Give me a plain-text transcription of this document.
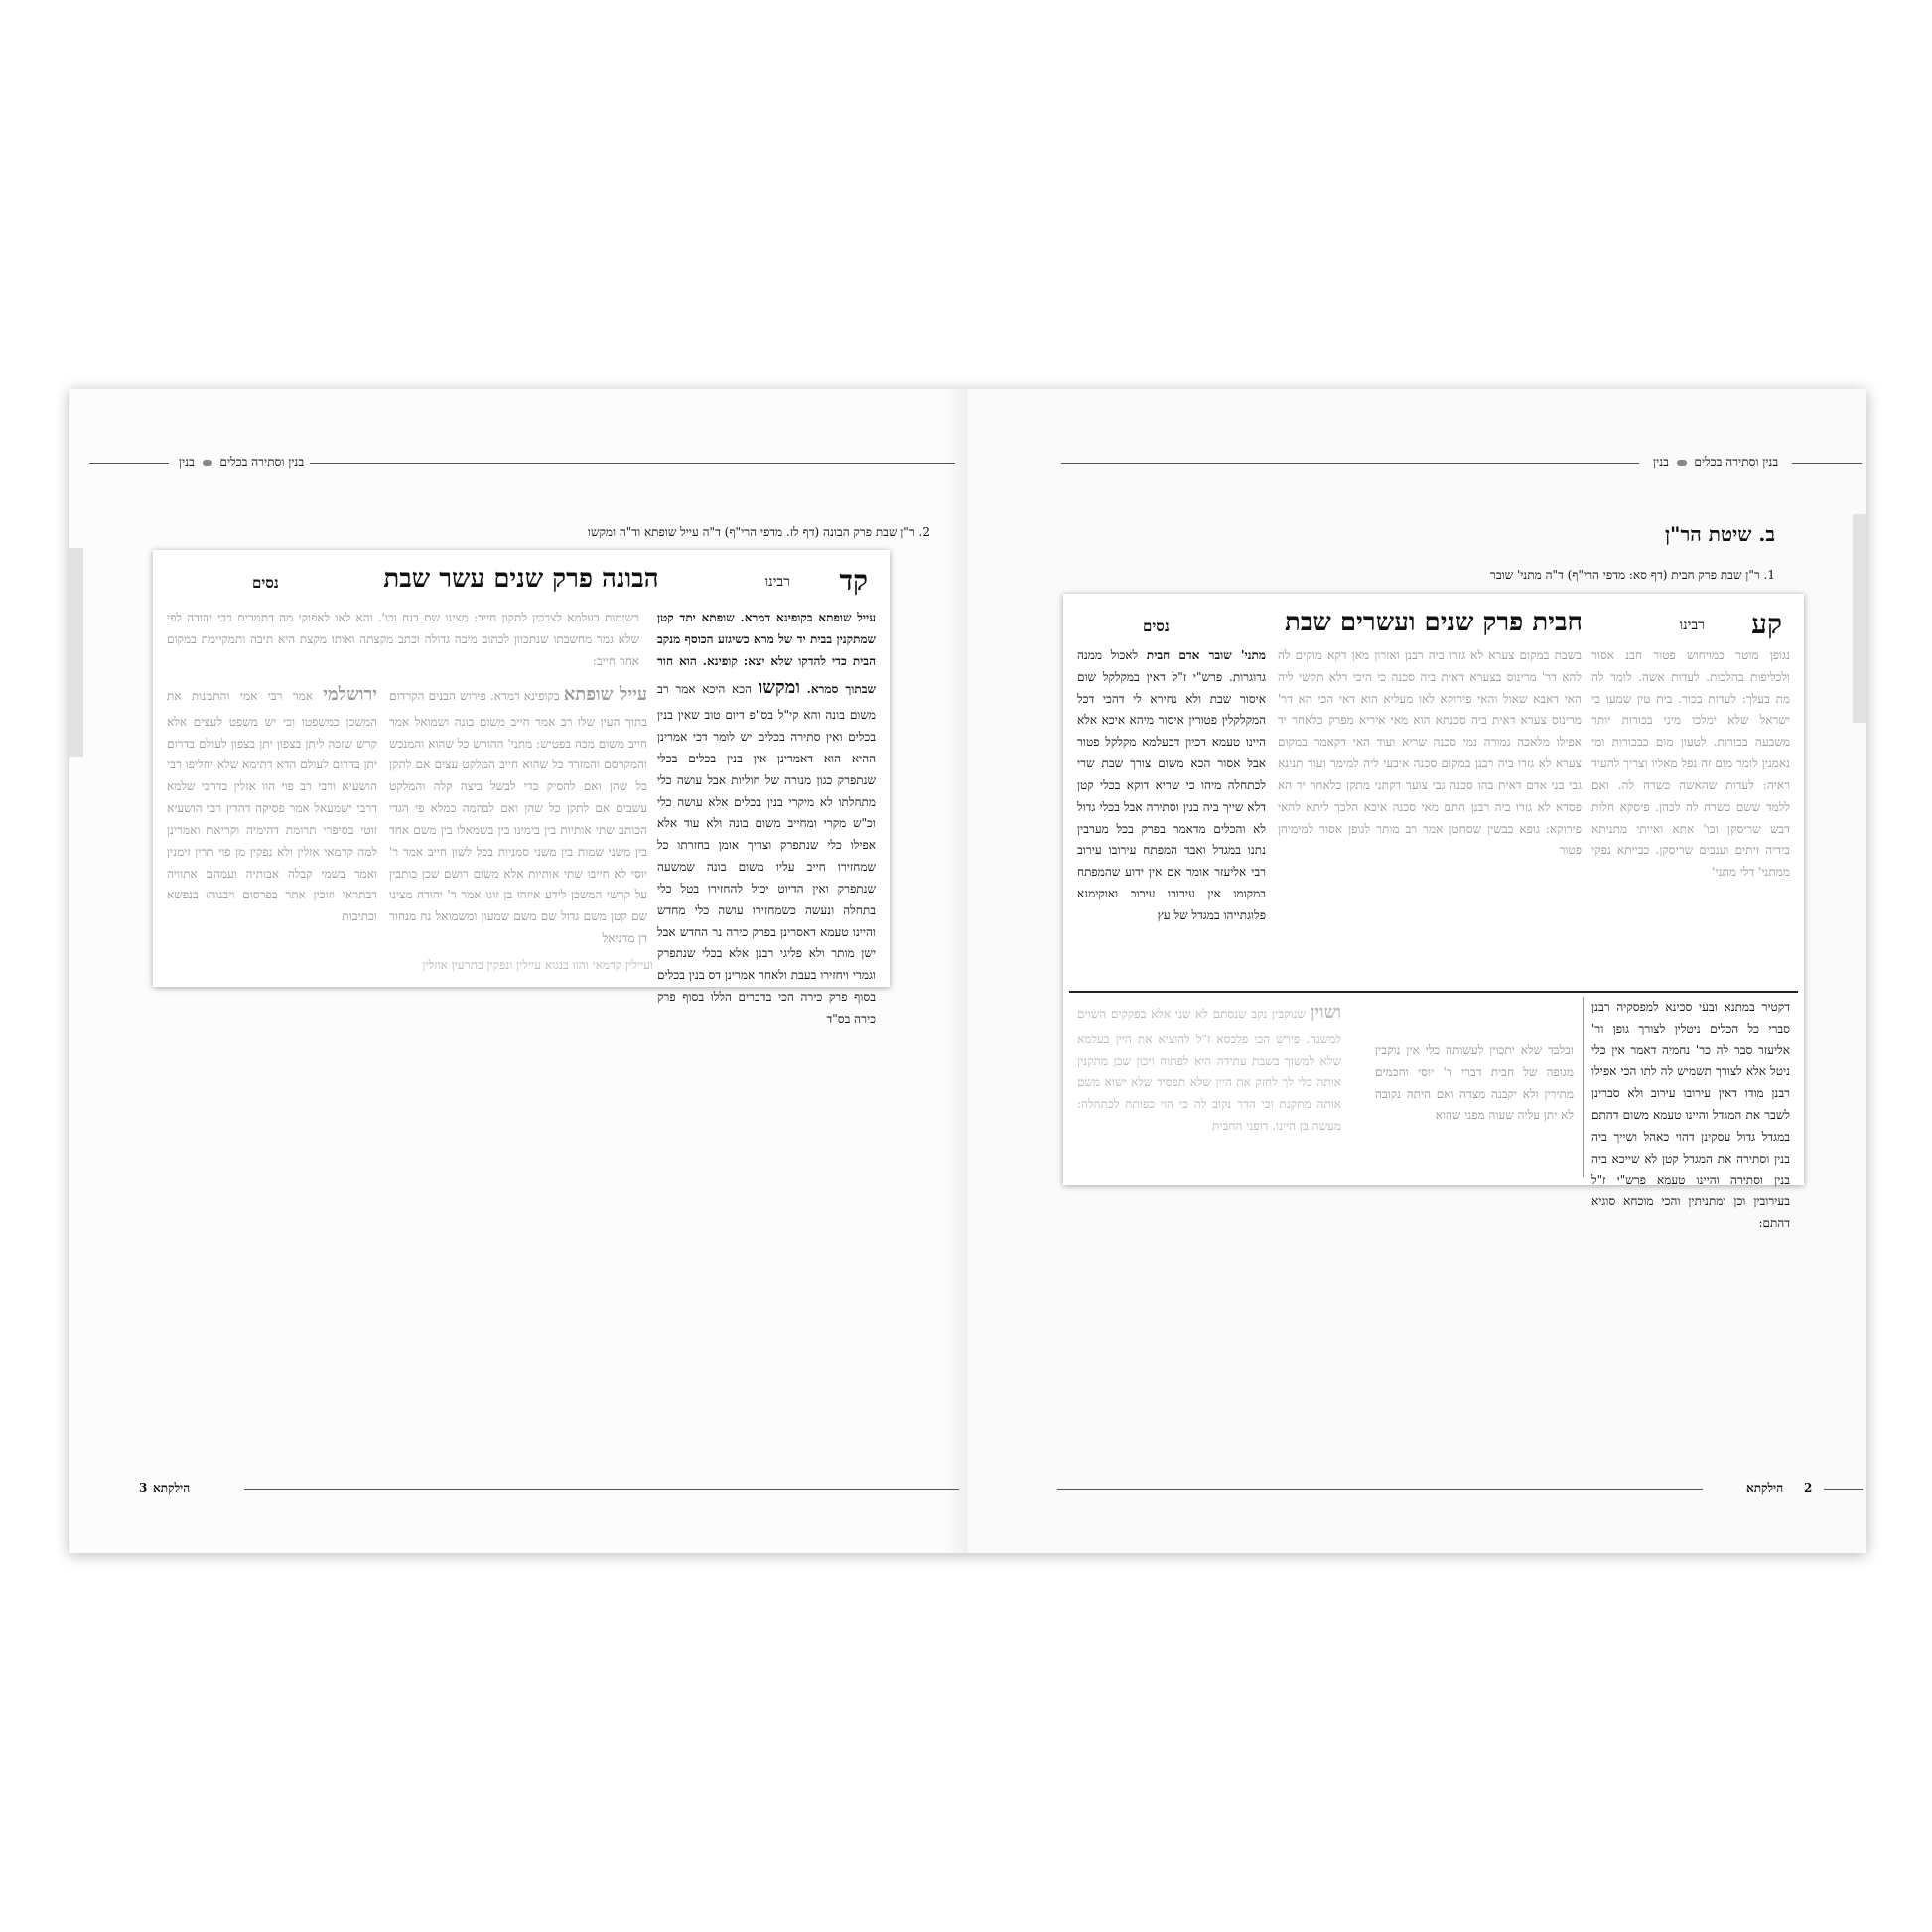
בנין וסתירה בכלים  בנין
2. ר"ן שבת פרק הבונה (דף לז. מדפי הרי"ף) ד"ה עייל שופתא וד"ה ומקשו
קד
רבינו
הבונה פרק שנים עשר שבת
נסים
עייל שופתא בקופינא דמרא. שופתא יתד קטן שמתקנין בבית יד של מרא כשיגזע הכוסף מנקב הבית כדי להדקו שלא יצא: קופינא. הוא חור שבתוך סמרא. ומקשו הכא היכא אמר רב משום בונה והא קי"ל בס"פ דיום טוב שאין בנין בכלים ואין סתירה בכלים יש לומר דכי אמרינן ההיא הוא דאמרינן אין בנין בכלים בכלי שנתפרק כגון מנורה של חוליות אבל עושה כלי מתחלתו לא מיקרי בנין בכלים אלא עושה כלי וכ"ש מקרי ומחייב משום בונה ולא עוד אלא אפילו כלי שנתפרק וצריך אומן בחזרתו כל שמחזירו חייב עליו משום בונה שמשעה שנתפרק ואין הדיוט יכול להחזירו בטל כלי בתחלה ונעשה כשמחזירו עושה כלי מחדש והיינו טעמא דאסרינן בפרק כירה נר החדש אבל ישן מותר ולא פליגי רבנן אלא בכלי שנתפרק וגמרי ויחזירו בעבת ולאחר אמרינן דס בנין בכלים בסוף פרק כירה הכי בדברים הללו בסוף פרק כירה בס"ד
עייל שופתא בקופינא דמרא. פירוש הבנים הקרדום בתוך העין שלו רב אמר חייב משום בונה ושמואל אמר חייב משום מכה בפטיש: מתני' ההורש כל שהוא והמנכש והמקרסם והמזרד כל שהוא חייב המלקט עצים אם לתקן כל שהן ואם להסיק כדי לבשל ביצה קלה והמלקט עשבים אם לתקן כל שהן ואם לבהמה כמלא פי הגדי הכותב שתי אותיות בין בימינו בין בשמאלו בין משם אחד בין משני שמות בין משני סמניות בכל לשון חייב אמר ר' יוסי לא חייבו שתי אותיות אלא משום רושם שכן כותבין על קרשי המשכן לידע איזהו בן זוגו אמר ר' יהודה מצינו שם קטן משם גדול שם משם שמעון ומשמואל נח מנחור דן מדניאל
רשימות בעלמא לצרכין לתקון חייב: מצינו שם בנח וכו'. והא לאו לאפוקי מה דתמרים רבי יהודה לפי שלא גמר מחשבתו שנתכוון לכתוב מיבה גדולה וכתב מקצתה ואותו מקצת היא תיבה ותמקיימת במקום אחר חייב:
ירושלמי אמר רבי אמי והתמנות את המשכן כמשפטו וכי יש משפט לעצים אלא קרש שזכה ליתן בצפון יתן בצפון לעולם בדרום יתן בדרום לעולם הדא דתימא שלא יחליפו רבי הושעיא ורבי רב פוי הוו אזלין בדרכי שלמא דרבי ישמעאל אמר פסיקה דהדין רבי הושעיא זוטי בסיפרי תרומת דהימיה וקריאת ואמרינן למה קדמאי אזלין ולא נפקין מן פוי תרין זימנין ואמר בשמי קבלה אבותיה ועמהם אתוויה דבתראי וזוכין אתר בפרסום ויבנוהו בנפשא וכתיבות
ועיילין קדמאי והוו בנגוא עיילין ונפקין בתרעין אוזלין
הילקתא
3
בנין וסתירה בכלים  בנין
ב. שיטת הר"ן
1. ר"ן שבת פרק חבית (דף סא: מדפי הרי"ף) ד"ה מתני' שובר
קע
רבינו
חבית פרק שנים ועשרים שבת
נסים
נגופן מוטר כמויחוש פטור חבנ אסור ולכליפות בהלכות. לעדות אשה. לומר לה מת בעלך: לעדות בכור. בית טין שמעו כי ישראל שלא ימלכו מיני בכורות יותר משבעה בכורות. לטעון מום כבכורות ומי נאמנין לומר מום זה נפל מאליו וצריך להעיד ראיה: לעדות שהאשה כשרה לה. ואם ללמד ששם כשרה לה לכהן. פיסקא חלות דבש שריסקן וכו' אתא ואייתי מתניתא בידיה זיתים וענבים שריסקן. כבייתא נפקי ממתני' דלי מתני'
בשבת במקום צערא לא גזרו ביה רבנן ואזרון מאן דקא מוקים לה להא דר' מרינוס בצערא דאית ביה סכנה כי היכי דלא תקשי ליה האי דאבא שאול והאי פירוקא לאו מעליא הוא דאי הכי הא דר' מרינוס צערא דאית ביה סכנתא הוא מאי איריא מפרק כלאחר יד אפילו מלאכה גמורה נמי סכנה שריא ועוד האי דקאמר במקום צערא לא גזרו ביה רבנן במקום סכנה איבעי ליה למימר ועוד תנינא גבי בני אדם דאית בהו סכנה גבי צוער דקתני מתקן כלאחר יד הא פסדא לא גזרו ביה רבנן התם מאי סכנה איכא הלכך ליתא להאי פירוקא: גופא כבשין שסחטן אמר רב מותר לגופן אסור למימיהן פטור
מתני' שובר אדם חבית לאכול ממנה גרוגרות. פרש"י ז"ל דאין במקלקל שום איסור שבת ולא נחירא לי דהכי דכל המקלקלין פטורין איסור מיהא איכא אלא היינו טעמא דכיון דבעלמא מקלקל פטור אבל אסור הכא משום צורך שבת שרי לכתחלה מיהו כי שריא דוקא בכלי קטן דלא שייך ביה בנין וסתירה אבל בכלי גדול לא והכלים מדאמר בפרק בכל מערבין נתנו במגדל ואבד המפתח עירובו עירוב רבי אליעזר אומר אם אין ידוע שהמפתח במקומו אין עירובו עירוב ואוקימנא פלוגתייהו במגדל של עץ
דקטיר במתנא ובעי סכינא למפסקיה רבנן סברי כל הכלים ניטלין לצורך גופן ור' אליעזר סבר לה כר' נחמיה דאמר אין כלי ניטל אלא לצורך תשמיש לה לתו הכי אפילו רבנן מודו דאין עירובו עירוב ולא סברינן לשבר את המגדל והיינו טעמא משום דהתם במגדל גדול עסקינן דהוי כאהל ושייך ביה בנין וסתירה את המגדל קטן לא שייכא ביה בנין וסתירה והיינו טעמא פרש"י ז"ל בעירובין וכן ומתניתין והכי מוכחא סוגיא דהתם:
ובלבד שלא יתכוין לעשותה כלי אין נוקבין מגופה של חבית דברי ר' יוסי וחכמים מתירין ולא יקבנה מצדה ואם היתה נקובה לא יתן עליה שעוה מפני שהוא
ושוין שנוקבין נקב שנסתם לא שני אלא בפקקים השוים למשנה. פירש הכי פלכסא ז"ל להוציא את היין בעלמא שלא למשוך בשבת עתידה היא לפתוח ויכון שכן מתקנין אותה כלי לך לחזק את היין שלא תפסיד שלא ישוא משם אותה מתקנת וכי הדר נקוב לה כי הוי כפותח לכתחלה: מעשה בן היינו. דופני החבית
הילקתא 2
